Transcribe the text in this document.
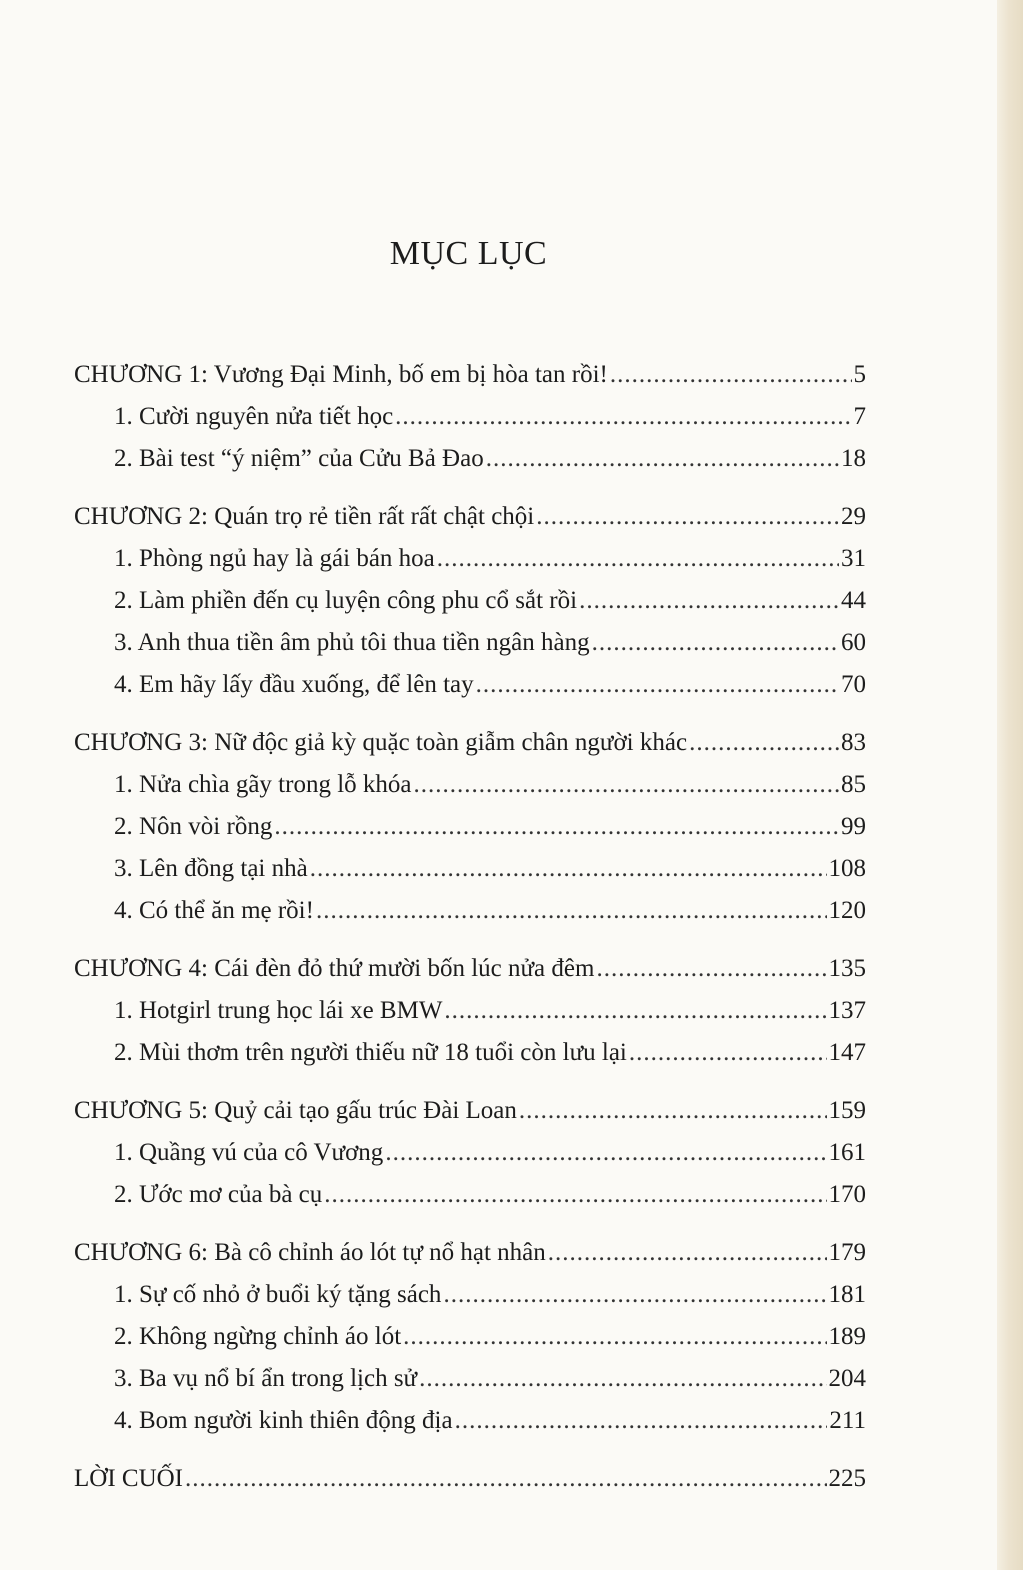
MỤC LỤC
CHƯƠNG 1: Vương Đại Minh, bố em bị hòa tan rồi! .....	5
1. Cười nguyên nửa tiết học .....	7
2. Bài test “ý niệm” của Cửu Bả Đao .....	18
CHƯƠNG 2: Quán trọ rẻ tiền rất rất chật chội .....	29
1. Phòng ngủ hay là gái bán hoa .....	31
2. Làm phiền đến cụ luyện công phu cổ sắt rồi .....	44
3. Anh thua tiền âm phủ tôi thua tiền ngân hàng .....	60
4. Em hãy lấy đầu xuống, để lên tay .....	70
CHƯƠNG 3: Nữ độc giả kỳ quặc toàn giẫm chân người khác .....	83
1. Nửa chìa gãy trong lỗ khóa .....	85
2. Nôn vòi rồng .....	99
3. Lên đồng tại nhà .....	108
4. Có thể ăn mẹ rồi! .....	120
CHƯƠNG 4: Cái đèn đỏ thứ mười bốn lúc nửa đêm .....	135
1. Hotgirl trung học lái xe BMW .....	137
2. Mùi thơm trên người thiếu nữ 18 tuổi còn lưu lại .....	147
CHƯƠNG 5: Quỷ cải tạo gấu trúc Đài Loan .....	159
1. Quầng vú của cô Vương .....	161
2. Ước mơ của bà cụ .....	170
CHƯƠNG 6: Bà cô chỉnh áo lót tự nổ hạt nhân .....	179
1. Sự cố nhỏ ở buổi ký tặng sách .....	181
2. Không ngừng chỉnh áo lót .....	189
3. Ba vụ nổ bí ẩn trong lịch sử .....	204
4. Bom người kinh thiên động địa .....	211
LỜI CUỐI .....	225
